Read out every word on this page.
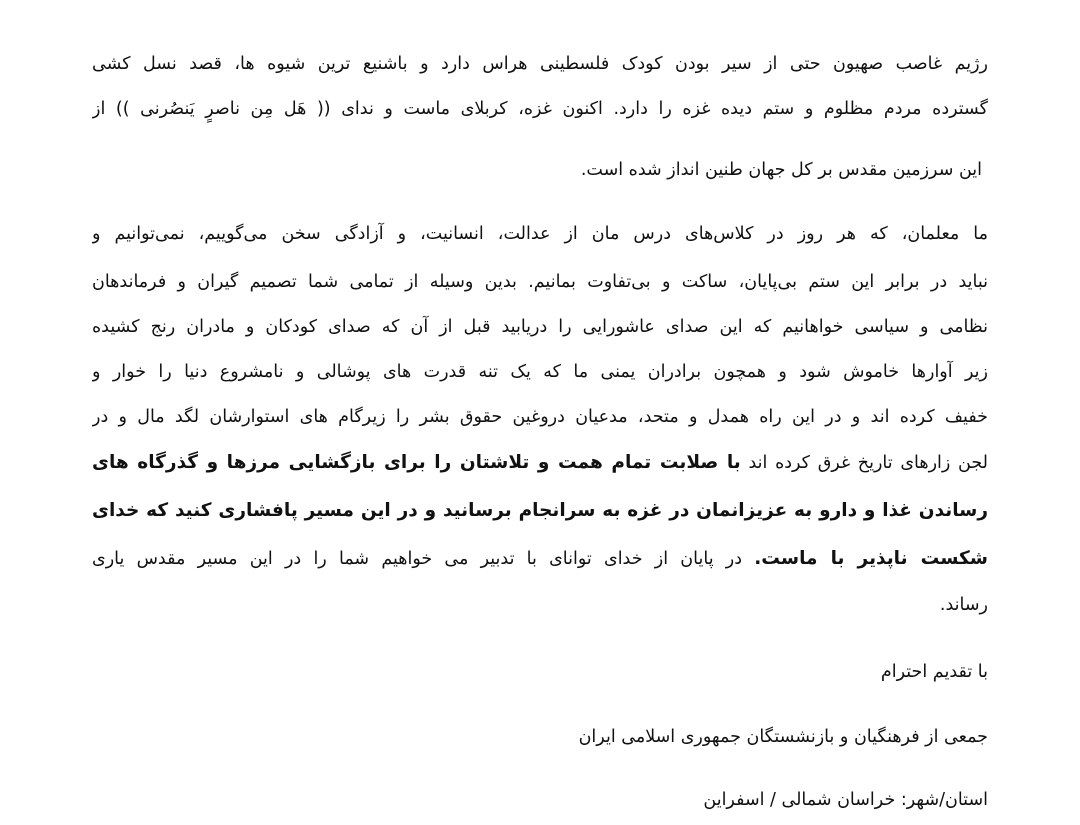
رژیم غاصب صهیون حتی از سیر بودن کودک فلسطینی هراس دارد و باشنیع ترین شیوه ها، قصد نسل کشی
گسترده مردم مظلوم و ستم دیده غزه را دارد. اکنون غزه، کربلای ماست و ندای (( هَل مِن ناصرٍ یَنصُرنی )) از
این سرزمین مقدس بر کل جهان طنین انداز شده است.
ما معلمان، که هر روز در کلاس‌های درس مان از عدالت، انسانیت، و آزادگی سخن می‌گوییم، نمی‌توانیم و
نباید در برابر این ستم بی‌پایان، ساکت و بی‌تفاوت بمانیم. بدین وسیله از تمامی شما تصمیم گیران و فرماندهان
نظامی و سیاسی خواهانیم که این صدای عاشورایی را دریابید قبل از آن که صدای کودکان و مادران رنج کشیده
زیر آوارها خاموش شود و همچون برادران یمنی ما که یک تنه قدرت های پوشالی و نامشروع دنیا را خوار و
خفیف کرده اند و در این راه همدل و متحد، مدعیان دروغین حقوق بشر را زیرگام های استوارشان لگد مال و در
لجن زارهای تاریخ غرق کرده اند با صلابت تمام همت و تلاشتان را برای بازگشایی مرزها و گذرگاه های
رساندن غذا و دارو به عزیزانمان در غزه به سرانجام برسانید و در این مسیر پافشاری کنید که خدای
شکست ناپذیر با ماست. در پایان از خدای توانای با تدبیر می خواهیم شما را در این مسیر مقدس یاری
رساند.
با تقدیم احترام
جمعی از فرهنگیان و بازنشستگان جمهوری اسلامی ایران
استان/شهر: خراسان شمالی / اسفراین
